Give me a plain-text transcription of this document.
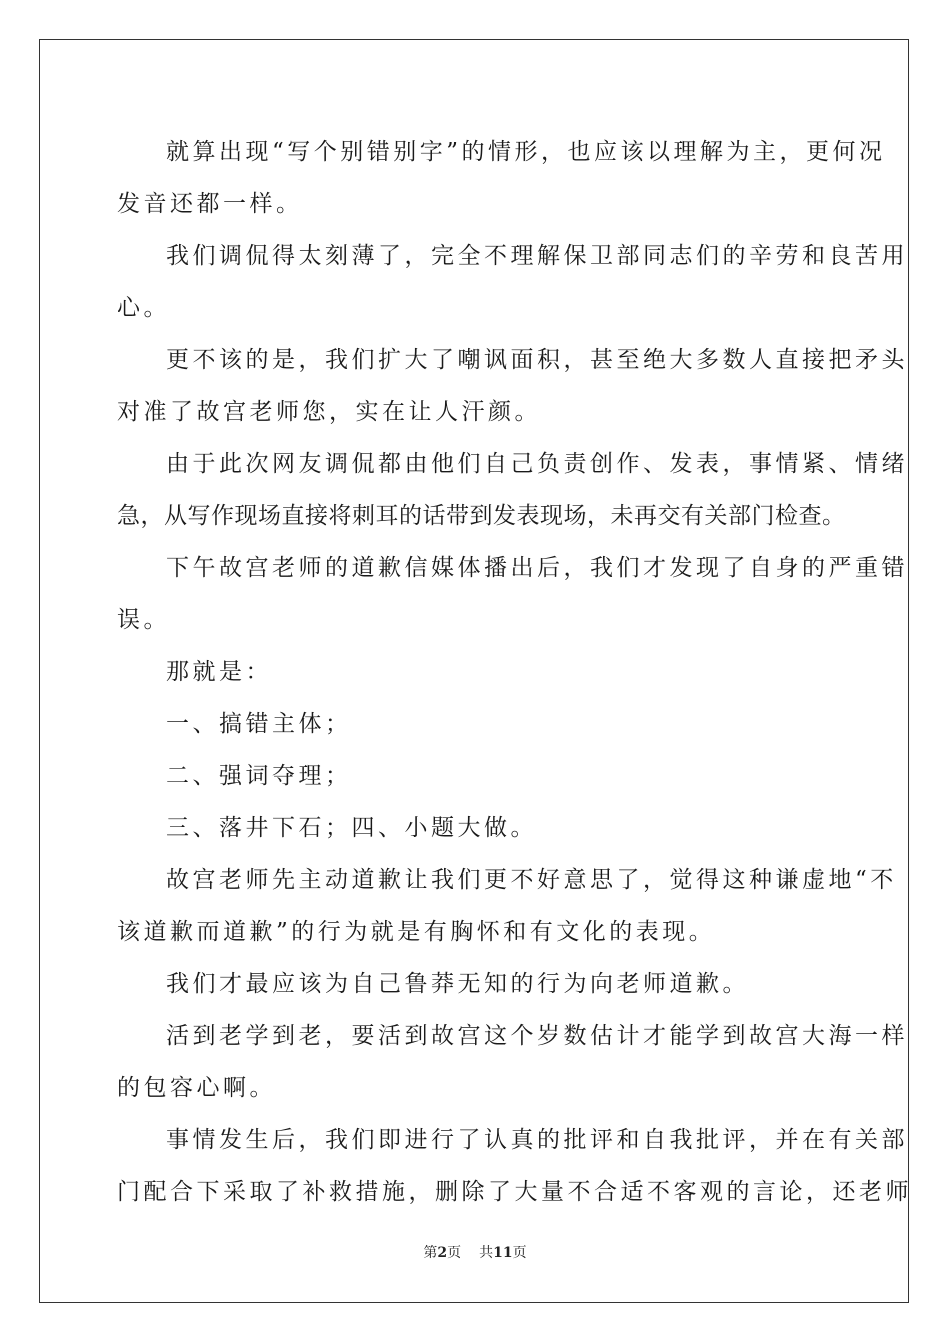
就算出现“写个别错别字”的情形，也应该以理解为主，更何况

发音还都一样。

我们调侃得太刻薄了，完全不理解保卫部同志们的辛劳和良苦用

心。

更不该的是，我们扩大了嘲讽面积，甚至绝大多数人直接把矛头

对准了故宫老师您，实在让人汗颜。

由于此次网友调侃都由他们自己负责创作、发表，事情紧、情绪

急，从写作现场直接将刺耳的话带到发表现场，未再交有关部门检查。

下午故宫老师的道歉信媒体播出后，我们才发现了自身的严重错

误。

那就是：

一、搞错主体；

二、强词夺理；

三、落井下石；四、小题大做。

故宫老师先主动道歉让我们更不好意思了，觉得这种谦虚地“不

该道歉而道歉”的行为就是有胸怀和有文化的表现。

我们才最应该为自己鲁莽无知的行为向老师道歉。

活到老学到老，要活到故宫这个岁数估计才能学到故宫大海一样

的包容心啊。

事情发生后，我们即进行了认真的批评和自我批评，并在有关部

门配合下采取了补救措施，删除了大量不合适不客观的言论，还老师

第2页 共11页
